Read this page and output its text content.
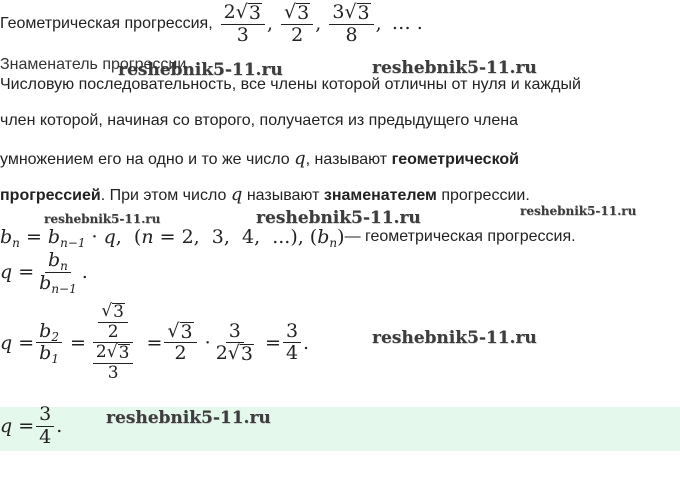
reshebnik5-11.ru	reshebnik5-11.ru
reshebnik5-11.ru	reshebnik5-11.ru	reshebnik5-11.ru
reshebnik5-11.ru
reshebnik5-11.ru
Геометрическая прогрессия, $\frac{2 √ 3}{3}$ , $\frac{√ 3}{2}$ , $\frac{3 √ 3}{8}$ , … .
Знаменатель прогрессии
Числовую последовательность, все члены которой отличны от нуля и каждый
член которой, начиная со второго, получается из предыдущего члена
умножением его на одно и то же число q, называют геометрической
прогрессией. При этом число q называют знаменателем прогрессии.
$b_n = b_{n-1} \cdot q$,  (n = 2,  3,  4,  ...), $(b_n)$ — геометрическая прогрессия.
$q = \frac{b_n}{b_{n-1}}$ .
$q = \frac{b_2}{b_1} = \frac{\frac{√ 3}{2}}{\frac{2 √ 3}{3}} = \frac{√ 3}{2} \cdot \frac{3}{2 √ 3} = \frac{3}{4}$ .
$q = \frac{3}{4}$ .
